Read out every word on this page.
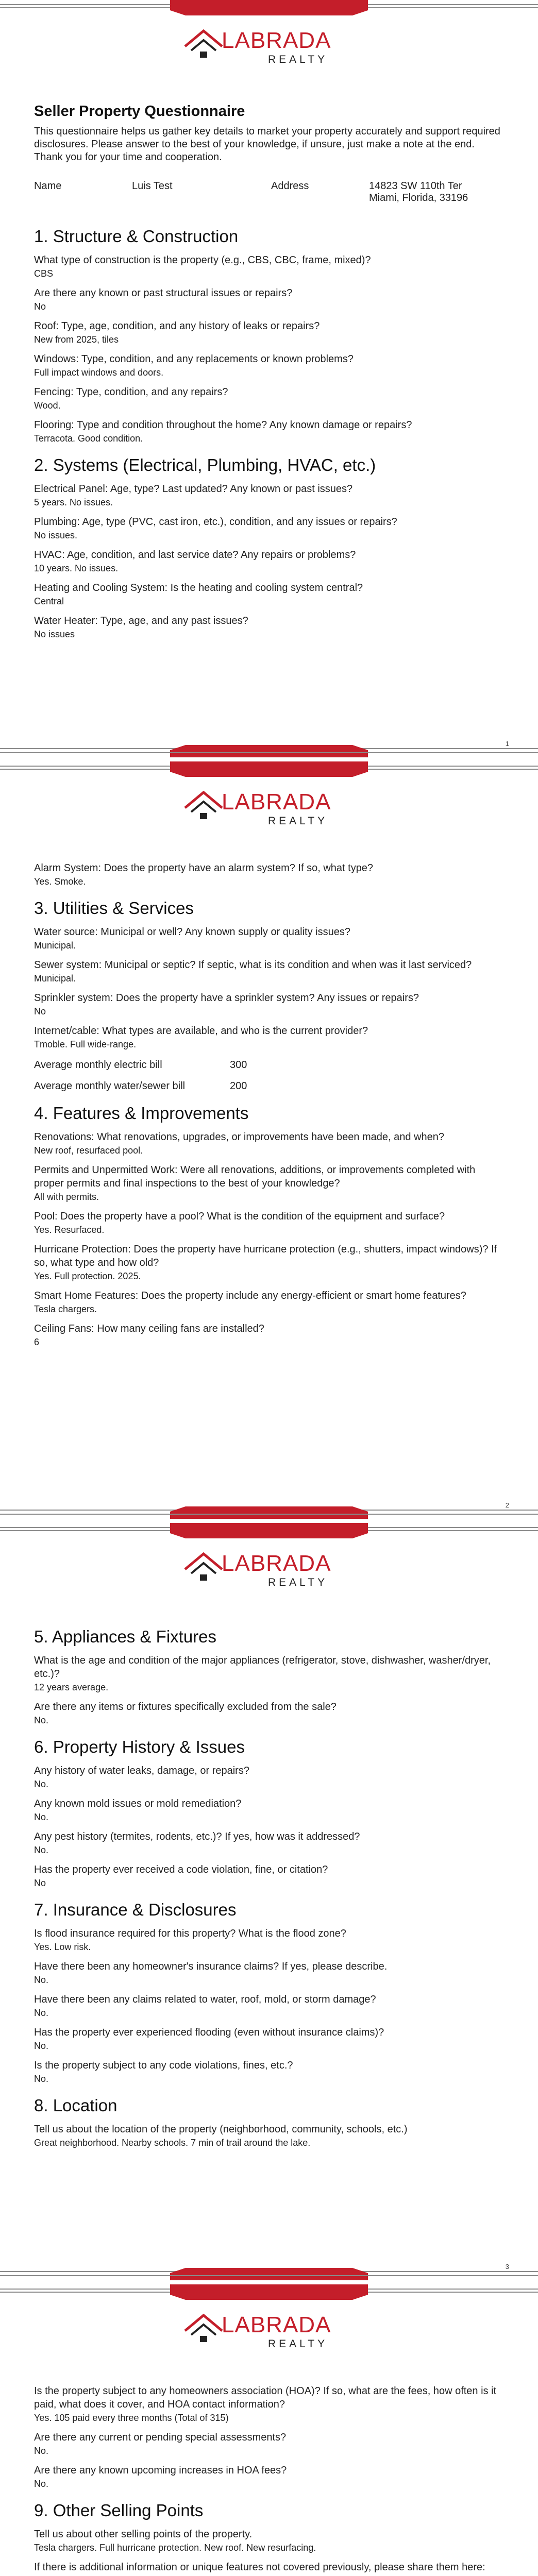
LABRADA
REALTY
Seller Property Questionnaire
This questionnaire helps us gather key details to market your property accurately and support required disclosures. Please answer to the best of your knowledge, if unsure, just make a note at the end. Thank you for your time and cooperation.
Name	Luis Test	Address	14823 SW 110th Ter
Miami, Florida, 33196
1. Structure & Construction
What type of construction is the property (e.g., CBS, CBC, frame, mixed)?
CBS
Are there any known or past structural issues or repairs?
No
Roof: Type, age, condition, and any history of leaks or repairs?
New from 2025, tiles
Windows: Type, condition, and any replacements or known problems?
Full impact windows and doors.
Fencing: Type, condition, and any repairs?
Wood.
Flooring: Type and condition throughout the home? Any known damage or repairs?
Terracota. Good condition.
2. Systems (Electrical, Plumbing, HVAC, etc.)
Electrical Panel: Age, type? Last updated? Any known or past issues?
5 years. No issues.
Plumbing: Age, type (PVC, cast iron, etc.), condition, and any issues or repairs?
No issues.
HVAC: Age, condition, and last service date? Any repairs or problems?
10 years. No issues.
Heating and Cooling System: Is the heating and cooling system central?
Central
Water Heater: Type, age, and any past issues?
No issues
1
LABRADA
REALTY
Alarm System: Does the property have an alarm system? If so, what type?
Yes. Smoke.
3. Utilities & Services
Water source: Municipal or well? Any known supply or quality issues?
Municipal.
Sewer system: Municipal or septic? If septic, what is its condition and when was it last serviced?
Municipal.
Sprinkler system: Does the property have a sprinkler system? Any issues or repairs?
No
Internet/cable: What types are available, and who is the current provider?
Tmoble. Full wide-range.
Average monthly electric bill	300
Average monthly water/sewer bill	200
4. Features & Improvements
Renovations: What renovations, upgrades, or improvements have been made, and when?
New roof, resurfaced pool.
Permits and Unpermitted Work: Were all renovations, additions, or improvements completed with proper permits and final inspections to the best of your knowledge?
All with permits.
Pool: Does the property have a pool? What is the condition of the equipment and surface?
Yes. Resurfaced.
Hurricane Protection: Does the property have hurricane protection (e.g., shutters, impact windows)? If so, what type and how old?
Yes. Full protection. 2025.
Smart Home Features: Does the property include any energy-efficient or smart home features?
Tesla chargers.
Ceiling Fans: How many ceiling fans are installed?
6
2
LABRADA
REALTY
5. Appliances & Fixtures
What is the age and condition of the major appliances (refrigerator, stove, dishwasher, washer/dryer, etc.)?
12 years average.
Are there any items or fixtures specifically excluded from the sale?
No.
6. Property History & Issues
Any history of water leaks, damage, or repairs?
No.
Any known mold issues or mold remediation?
No.
Any pest history (termites, rodents, etc.)? If yes, how was it addressed?
No.
Has the property ever received a code violation, fine, or citation?
No
7. Insurance & Disclosures
Is flood insurance required for this property? What is the flood zone?
Yes. Low risk.
Have there been any homeowner's insurance claims? If yes, please describe.
No.
Have there been any claims related to water, roof, mold, or storm damage?
No.
Has the property ever experienced flooding (even without insurance claims)?
No.
Is the property subject to any code violations, fines, etc.?
No.
8. Location
Tell us about the location of the property (neighborhood, community, schools, etc.)
Great neighborhood. Nearby schools. 7 min of trail around the lake.
3
LABRADA
REALTY
Is the property subject to any homeowners association (HOA)? If so, what are the fees, how often is it paid, what does it cover, and HOA contact information?
Yes. 105 paid every three months (Total of 315)
Are there any current or pending special assessments?
No.
Are there any known upcoming increases in HOA fees?
No.
9. Other Selling Points
Tell us about other selling points of the property.
Tesla chargers. Full hurricane protection. New roof. New resurfacing.
If there is additional information or unique features not covered previously, please share them here:
